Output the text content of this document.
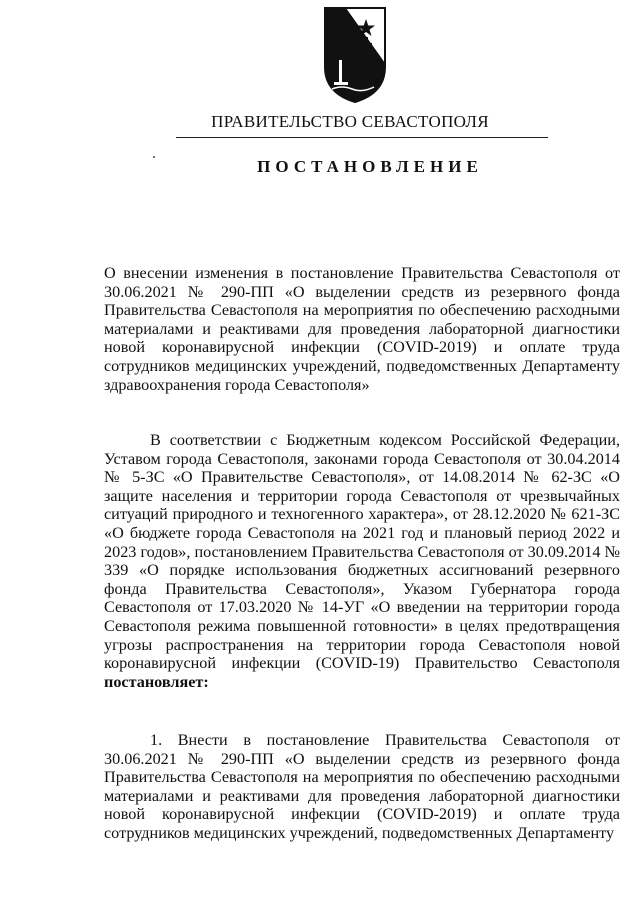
ПРАВИТЕЛЬСТВО СЕВАСТОПОЛЯ
ПОСТАНОВЛЕНИЕ
О внесении изменения в постановление Правительства Севастополя от 30.06.2021 № 290-ПП «О выделении средств из резервного фонда Правительства Севастополя на мероприятия по обеспечению расходными материалами и реактивами для проведения лабораторной диагностики новой коронавирусной инфекции (COVID-2019) и оплате труда сотрудников медицинских учреждений, подведомственных Департаменту здравоохранения города Севастополя»
В соответствии с Бюджетным кодексом Российской Федерации, Уставом города Севастополя, законами города Севастополя от 30.04.2014 № 5-ЗС «О Правительстве Севастополя», от 14.08.2014 № 62-ЗС «О защите населения и территории города Севастополя от чрезвычайных ситуаций природного и техногенного характера», от 28.12.2020 № 621-ЗС «О бюджете города Севастополя на 2021 год и плановый период 2022 и 2023 годов», постановлением Правительства Севастополя от 30.09.2014 № 339 «О порядке использования бюджетных ассигнований резервного фонда Правительства Севастополя», Указом Губернатора города Севастополя от 17.03.2020 № 14-УГ «О введении на территории города Севастополя режима повышенной готовности» в целях предотвращения угрозы распространения на территории города Севастополя новой коронавирусной инфекции (COVID-19) Правительство Севастополя постановляет:
1. Внести в постановление Правительства Севастополя от 30.06.2021 № 290-ПП «О выделении средств из резервного фонда Правительства Севастополя на мероприятия по обеспечению расходными материалами и реактивами для проведения лабораторной диагностики новой коронавирусной инфекции (COVID-2019) и оплате труда сотрудников медицинских учреждений, подведомственных Департаменту
